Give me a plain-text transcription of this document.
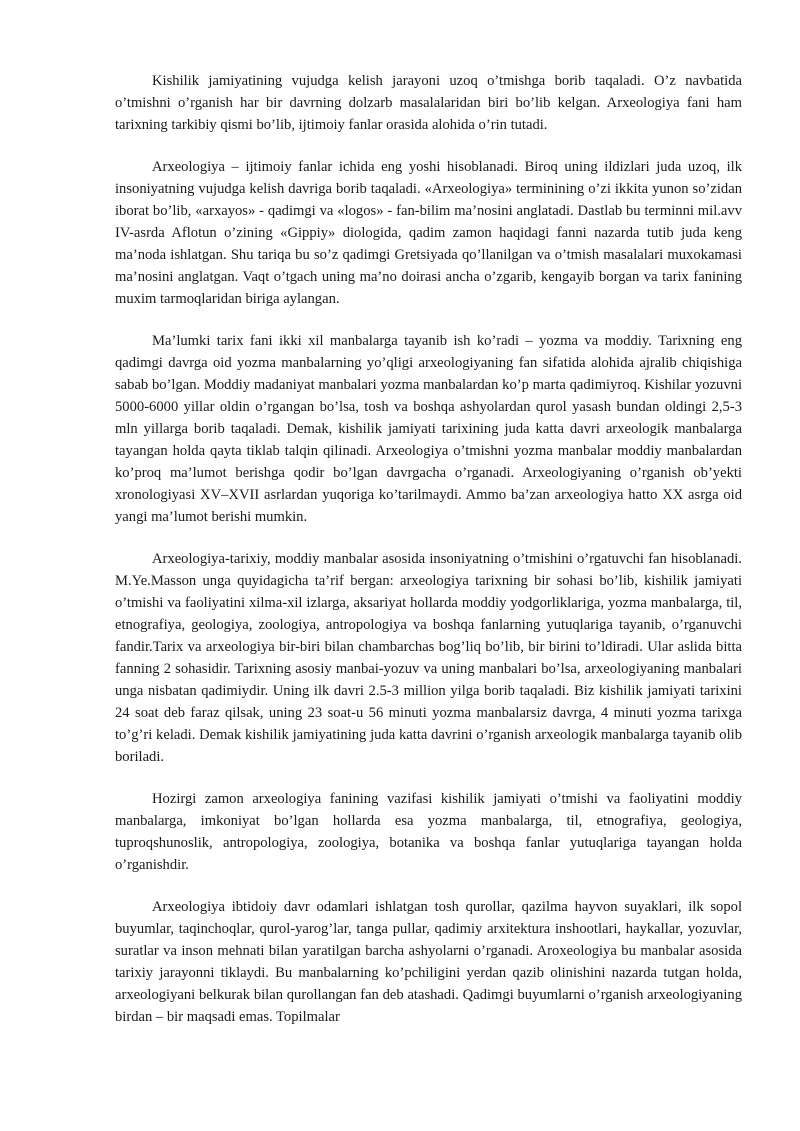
Kishilik jamiyatining vujudga kelish jarayoni uzoq o’tmishga borib taqaladi. O’z navbatida o’tmishni o’rganish har bir davrning dolzarb masalalaridan biri bo’lib kelgan. Arxeologiya fani ham tarixning tarkibiy qismi bo’lib, ijtimoiy fanlar orasida alohida o’rin tutadi.

Arxeologiya – ijtimoiy fanlar ichida eng yoshi hisoblanadi. Biroq uning ildizlari juda uzoq, ilk insoniyatning vujudga kelish davriga borib taqaladi. «Arxeologiya» terminining o’zi ikkita yunon so’zidan iborat bo’lib, «arxayos» - qadimgi va «logos» - fan-bilim ma’nosini anglatadi. Dastlab bu terminni mil.avv IV-asrda Aflotun o’zining «Gippiy» diologida, qadim zamon haqidagi fanni nazarda tutib juda keng ma’noda ishlatgan. Shu tariqa bu so’z qadimgi Gretsiyada qo’llanilgan va o’tmish masalalari muxokamasi ma’nosini anglatgan. Vaqt o’tgach uning ma’no doirasi ancha o’zgarib, kengayib borgan va tarix fanining muxim tarmoqlaridan biriga aylangan.

Ma’lumki tarix fani ikki xil manbalarga tayanib ish ko’radi – yozma va moddiy. Tarixning eng qadimgi davrga oid yozma manbalarning yo’qligi arxeologiyaning fan sifatida alohida ajralib chiqishiga sabab bo’lgan. Moddiy madaniyat manbalari yozma manbalardan ko’p marta qadimiyroq. Kishilar yozuvni 5000-6000 yillar oldin o’rgangan bo’lsa, tosh va boshqa ashyolardan qurol yasash bundan oldingi 2,5-3 mln yillarga borib taqaladi. Demak, kishilik jamiyati tarixining juda katta davri arxeologik manbalarga tayangan holda qayta tiklab talqin qilinadi. Arxeologiya o’tmishni yozma manbalar moddiy manbalardan ko’proq ma’lumot berishga qodir bo’lgan davrgacha o’rganadi. Arxeologiyaning o’rganish ob’yekti xronologiyasi XV–XVII asrlardan yuqoriga ko’tarilmaydi. Ammo ba’zan arxeologiya hatto XX asrga oid yangi ma’lumot berishi mumkin.

Arxeologiya-tarixiy, moddiy manbalar asosida insoniyatning o’tmishini o’rgatuvchi fan hisoblanadi. M.Ye.Masson unga quyidagicha ta’rif bergan: arxeologiya tarixning bir sohasi bo’lib, kishilik jamiyati o’tmishi va faoliyatini xilma-xil izlarga, aksariyat hollarda moddiy yodgorliklariga, yozma manbalarga, til, etnografiya, geologiya, zoologiya, antropologiya va boshqa fanlarning yutuqlariga tayanib, o’rganuvchi fandir.Tarix va arxeologiya bir-biri bilan chambarchas bog’liq bo’lib, bir birini to’ldiradi. Ular aslida bitta fanning 2 sohasidir. Tarixning asosiy manbai-yozuv va uning manbalari bo’lsa, arxeologiyaning manbalari unga nisbatan qadimiydir. Uning ilk davri 2.5-3 million yilga borib taqaladi. Biz kishilik jamiyati tarixini 24 soat deb faraz qilsak, uning 23 soat-u 56 minuti yozma manbalarsiz davrga, 4 minuti yozma tarixga to’g’ri keladi. Demak kishilik jamiyatining juda katta davrini o’rganish arxeologik manbalarga tayanib olib boriladi.

Hozirgi zamon arxeologiya fanining vazifasi kishilik jamiyati o’tmishi va faoliyatini moddiy manbalarga, imkoniyat bo’lgan hollarda esa yozma manbalarga, til, etnografiya, geologiya, tuproqshunoslik, antropologiya, zoologiya, botanika va boshqa fanlar yutuqlariga tayangan holda o’rganishdir.

Arxeologiya ibtidoiy davr odamlari ishlatgan tosh qurollar, qazilma hayvon suyaklari, ilk sopol buyumlar, taqinchoqlar, qurol-yarog’lar, tanga pullar, qadimiy arxitektura inshootlari, haykallar, yozuvlar, suratlar va inson mehnati bilan yaratilgan barcha ashyolarni o’rganadi. Aroxeologiya bu manbalar asosida tarixiy jarayonni tiklaydi. Bu manbalarning ko’pchiligini yerdan qazib olinishini nazarda tutgan holda, arxeologiyani belkurak bilan qurollangan fan deb atashadi. Qadimgi buyumlarni o’rganish arxeologiyaning birdan – bir maqsadi emas. Topilmalar
